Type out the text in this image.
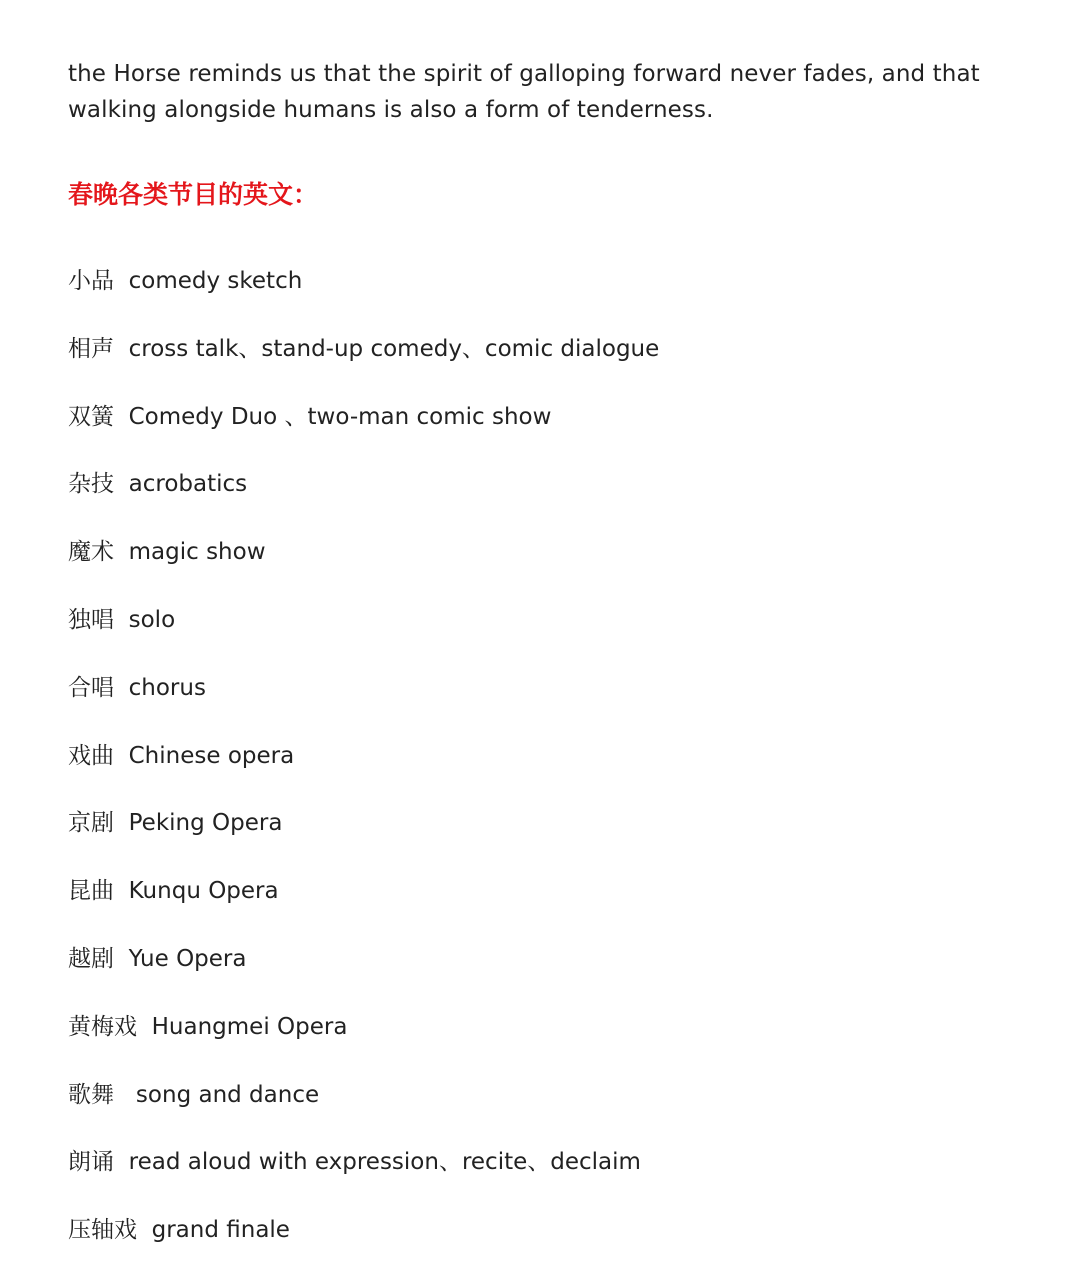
the Horse reminds us that the spirit of galloping forward never fades, and that walking alongside humans is also a form of tenderness.

春晚各类节目的英文：
小品 comedy sketch
相声 cross talk、stand-up comedy、comic dialogue
双簧 Comedy Duo 、two-man comic show
杂技 acrobatics
魔术 magic show
独唱 solo
合唱 chorus
戏曲 Chinese opera
京剧 Peking Opera
昆曲 Kunqu Opera
越剧 Yue Opera
黄梅戏 Huangmei Opera
歌舞   song and dance
朗诵 read aloud with expression、recite、declaim
压轴戏 grand finale
